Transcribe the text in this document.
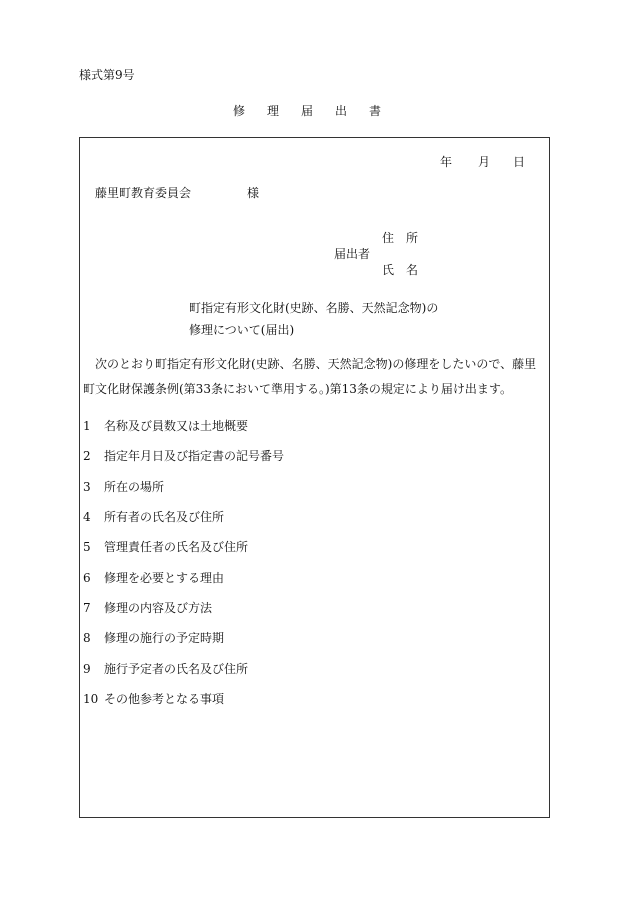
様式第9号
修 理 届 出 書
年 月 日
藤里町教育委員会	様
住　所
届出者
氏　名
町指定有形文化財(史跡、名勝、天然記念物)の
修理について(届出)
　次のとおり町指定有形文化財(史跡、名勝、天然記念物)の修理をしたいので、藤里町文化財保護条例(第33条において準用する。)第13条の規定により届け出ます。
1 名称及び員数又は土地概要
2 指定年月日及び指定書の記号番号
3 所在の場所
4 所有者の氏名及び住所
5 管理責任者の氏名及び住所
6 修理を必要とする理由
7 修理の内容及び方法
8 修理の施行の予定時期
9 施行予定者の氏名及び住所
10 その他参考となる事項
